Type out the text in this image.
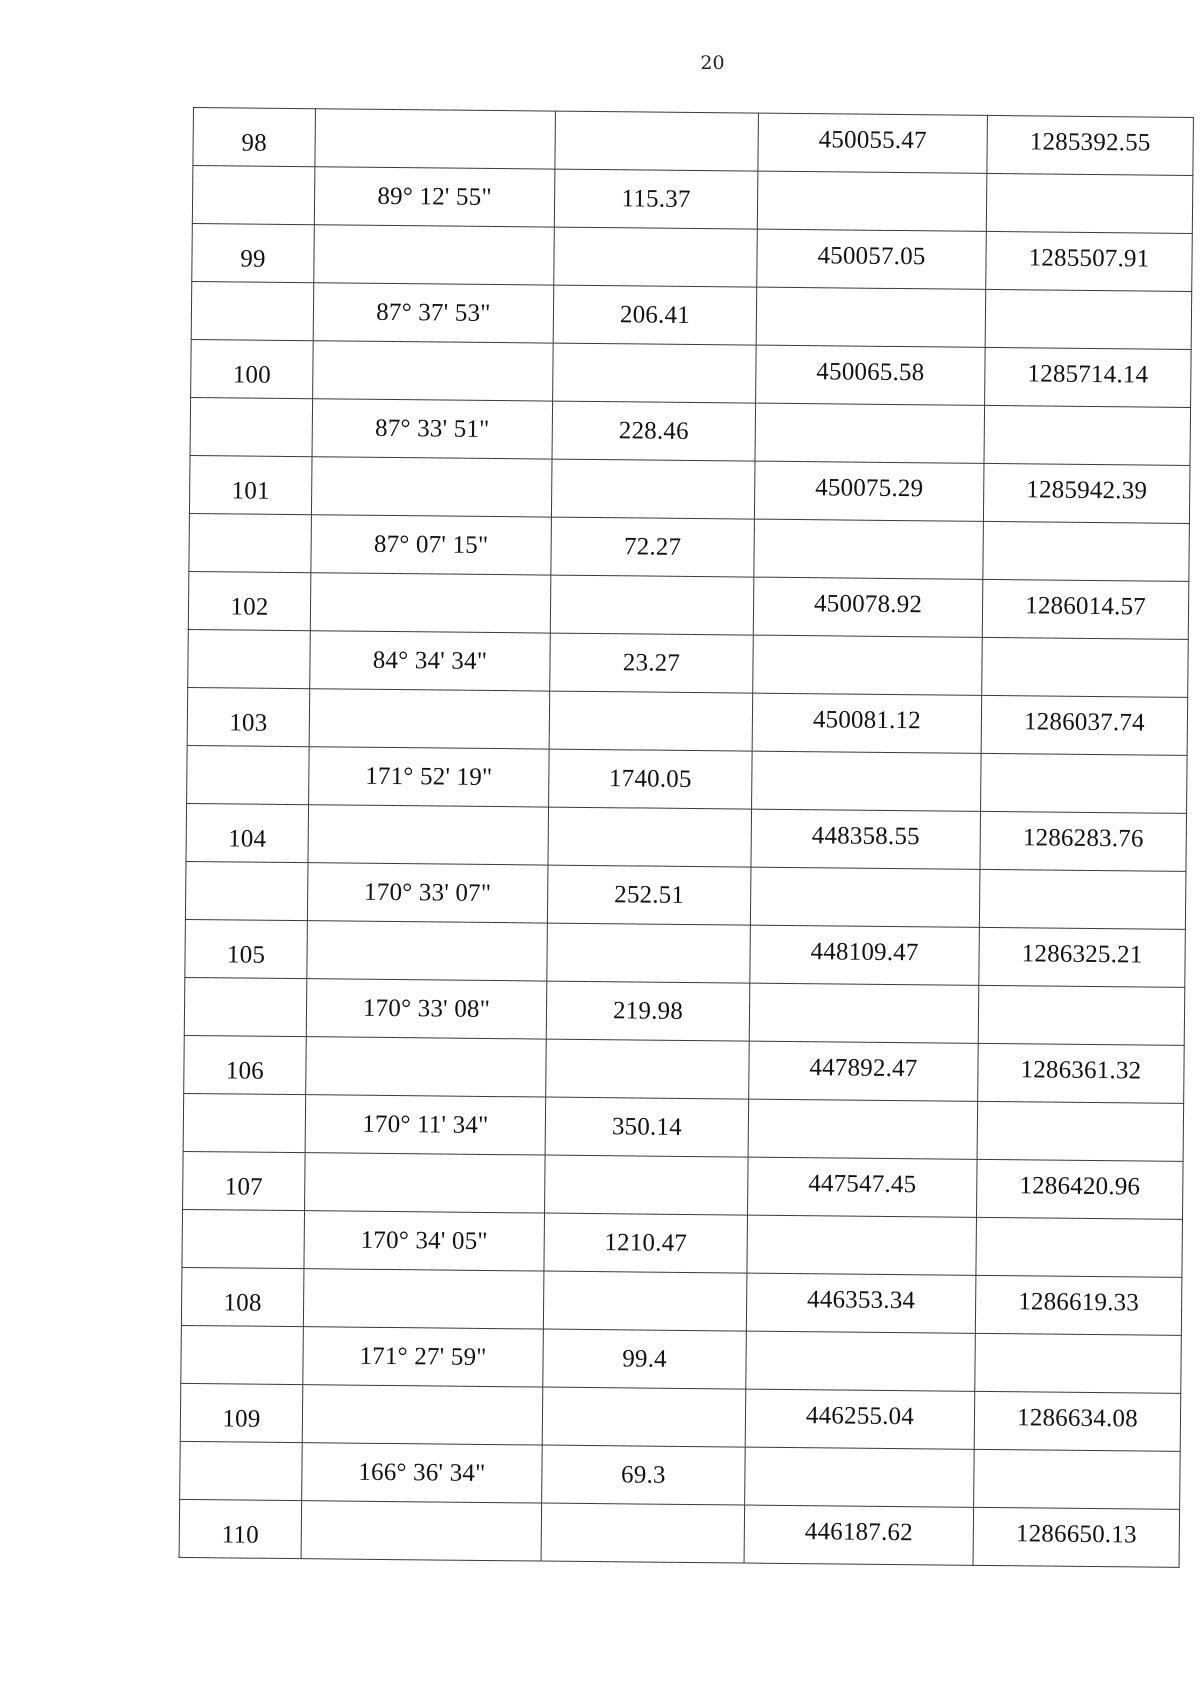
20
98			450055.47	1285392.55
	89° 12' 55"	115.37		
99			450057.05	1285507.91
	87° 37' 53"	206.41		
100			450065.58	1285714.14
	87° 33' 51"	228.46		
101			450075.29	1285942.39
	87° 07' 15"	72.27		
102			450078.92	1286014.57
	84° 34' 34"	23.27		
103			450081.12	1286037.74
	171° 52' 19"	1740.05		
104			448358.55	1286283.76
	170° 33' 07"	252.51		
105			448109.47	1286325.21
	170° 33' 08"	219.98		
106			447892.47	1286361.32
	170° 11' 34"	350.14		
107			447547.45	1286420.96
	170° 34' 05"	1210.47		
108			446353.34	1286619.33
	171° 27' 59"	99.4		
109			446255.04	1286634.08
	166° 36' 34"	69.3		
110			446187.62	1286650.13
